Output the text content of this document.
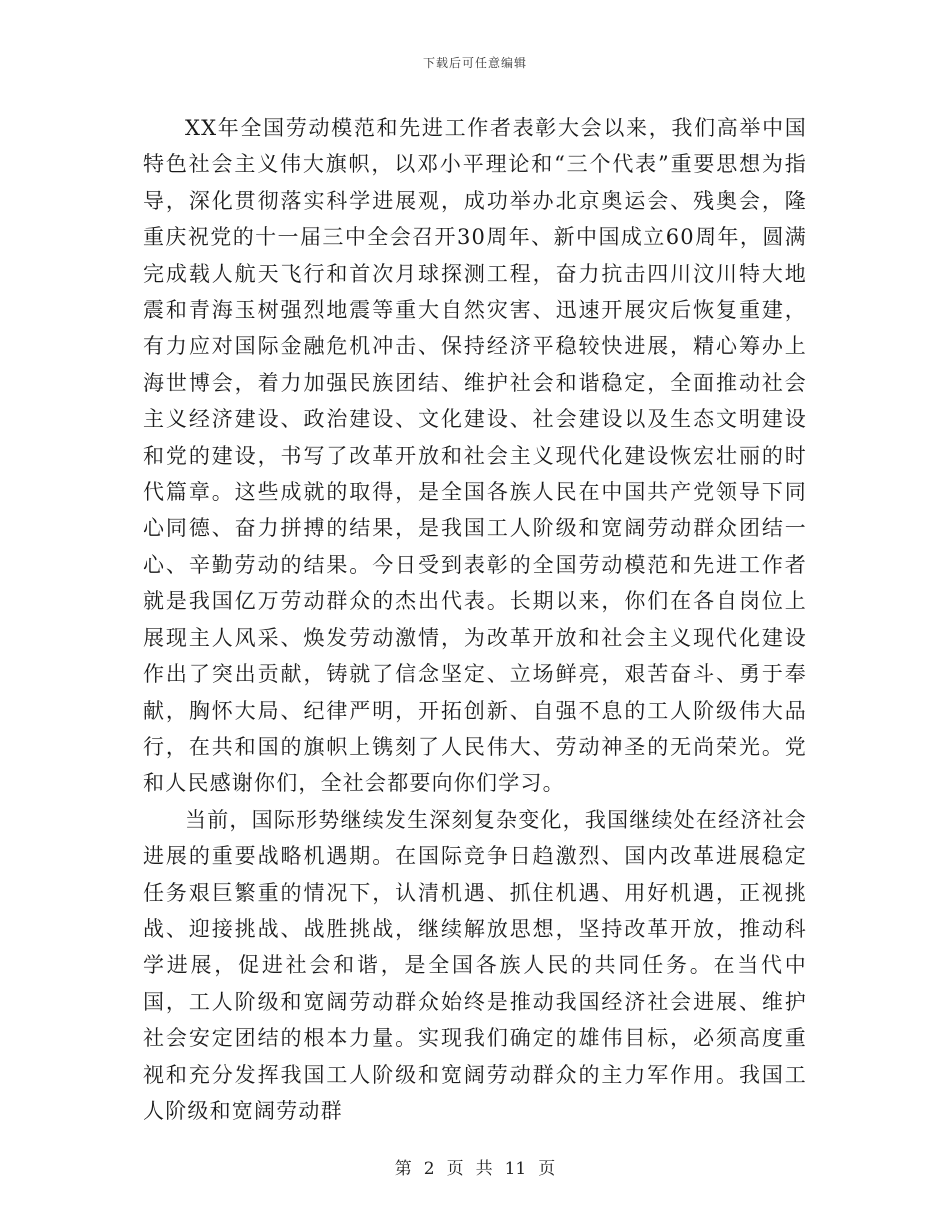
下载后可任意编辑

XX年全国劳动模范和先进工作者表彰大会以来，我们高举中国特色社会主义伟大旗帜，以邓小平理论和“三个代表”重要思想为指导，深化贯彻落实科学进展观，成功举办北京奥运会、残奥会，隆重庆祝党的十一届三中全会召开30周年、新中国成立60周年，圆满完成载人航天飞行和首次月球探测工程，奋力抗击四川汶川特大地震和青海玉树强烈地震等重大自然灾害、迅速开展灾后恢复重建，有力应对国际金融危机冲击、保持经济平稳较快进展，精心筹办上海世博会，着力加强民族团结、维护社会和谐稳定，全面推动社会主义经济建设、政治建设、文化建设、社会建设以及生态文明建设和党的建设，书写了改革开放和社会主义现代化建设恢宏壮丽的时代篇章。这些成就的取得，是全国各族人民在中国共产党领导下同心同德、奋力拼搏的结果，是我国工人阶级和宽阔劳动群众团结一心、辛勤劳动的结果。今日受到表彰的全国劳动模范和先进工作者就是我国亿万劳动群众的杰出代表。长期以来，你们在各自岗位上展现主人风采、焕发劳动激情，为改革开放和社会主义现代化建设作出了突出贡献，铸就了信念坚定、立场鲜亮，艰苦奋斗、勇于奉献，胸怀大局、纪律严明，开拓创新、自强不息的工人阶级伟大品行，在共和国的旗帜上镌刻了人民伟大、劳动神圣的无尚荣光。党和人民感谢你们，全社会都要向你们学习。

当前，国际形势继续发生深刻复杂变化，我国继续处在经济社会进展的重要战略机遇期。在国际竞争日趋激烈、国内改革进展稳定任务艰巨繁重的情况下，认清机遇、抓住机遇、用好机遇，正视挑战、迎接挑战、战胜挑战，继续解放思想，坚持改革开放，推动科学进展，促进社会和谐，是全国各族人民的共同任务。在当代中国，工人阶级和宽阔劳动群众始终是推动我国经济社会进展、维护社会安定团结的根本力量。实现我们确定的雄伟目标，必须高度重视和充分发挥我国工人阶级和宽阔劳动群众的主力军作用。我国工人阶级和宽阔劳动群

第 2 页 共 11 页
